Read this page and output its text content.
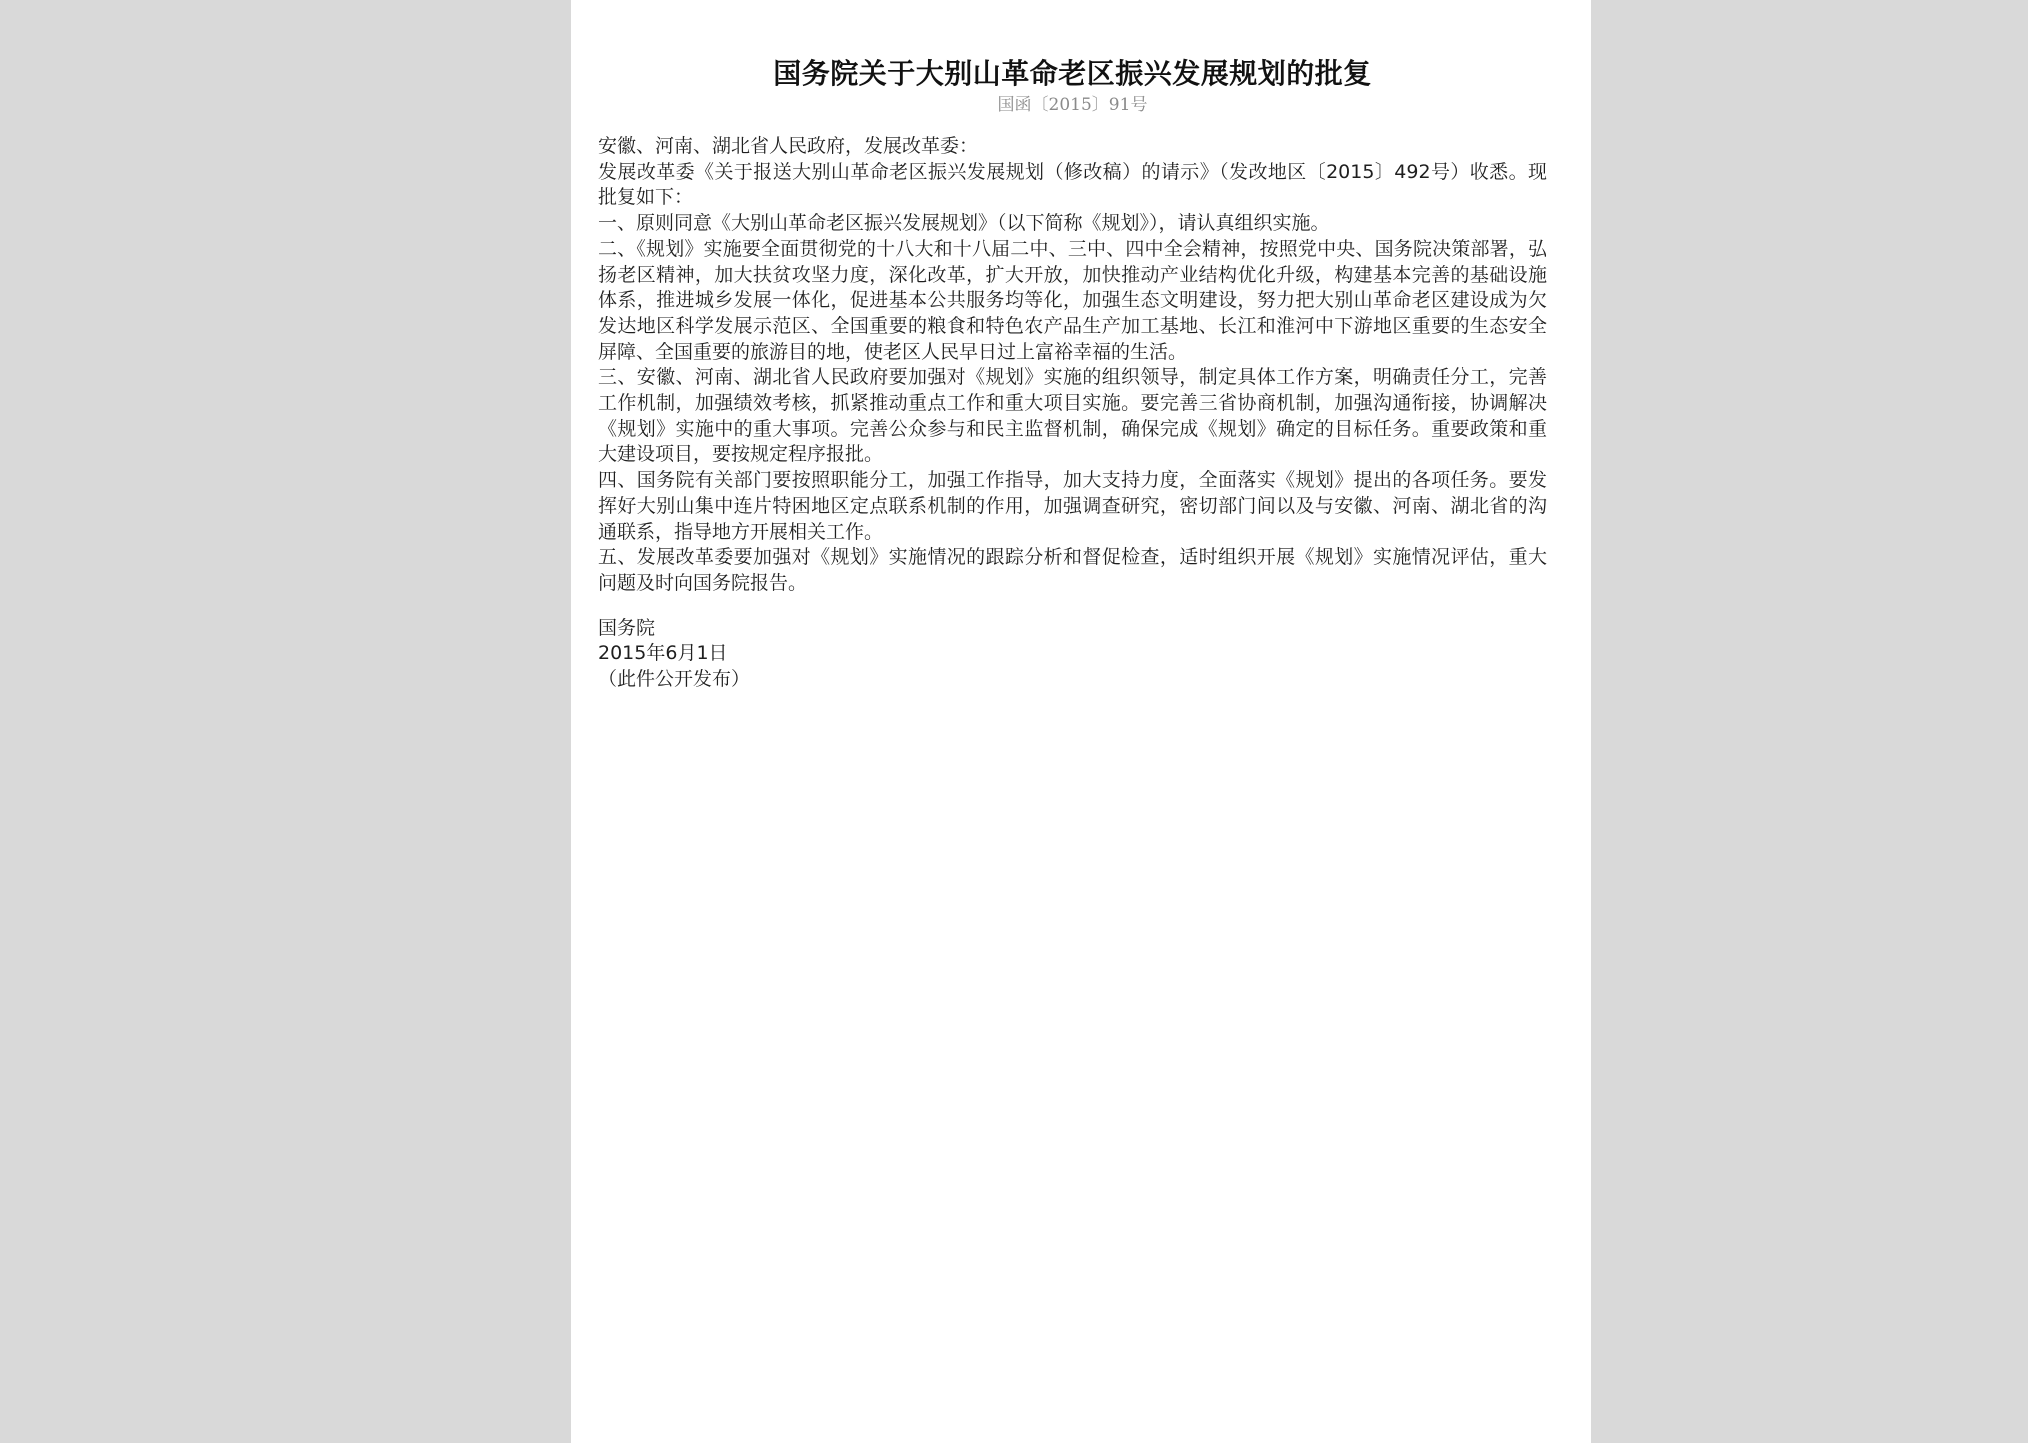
国务院关于大别山革命老区振兴发展规划的批复
国函〔2015〕91号

安徽、河南、湖北省人民政府，发展改革委：

发展改革委《关于报送大别山革命老区振兴发展规划（修改稿）的请示》（发改地区〔2015〕492号）收悉。现批复如下：

一、原则同意《大别山革命老区振兴发展规划》（以下简称《规划》），请认真组织实施。

二、《规划》实施要全面贯彻党的十八大和十八届二中、三中、四中全会精神，按照党中央、国务院决策部署，弘扬老区精神，加大扶贫攻坚力度，深化改革，扩大开放，加快推动产业结构优化升级，构建基本完善的基础设施体系，推进城乡发展一体化，促进基本公共服务均等化，加强生态文明建设，努力把大别山革命老区建设成为欠发达地区科学发展示范区、全国重要的粮食和特色农产品生产加工基地、长江和淮河中下游地区重要的生态安全屏障、全国重要的旅游目的地，使老区人民早日过上富裕幸福的生活。

三、安徽、河南、湖北省人民政府要加强对《规划》实施的组织领导，制定具体工作方案，明确责任分工，完善工作机制，加强绩效考核，抓紧推动重点工作和重大项目实施。要完善三省协商机制，加强沟通衔接，协调解决《规划》实施中的重大事项。完善公众参与和民主监督机制，确保完成《规划》确定的目标任务。重要政策和重大建设项目，要按规定程序报批。

四、国务院有关部门要按照职能分工，加强工作指导，加大支持力度，全面落实《规划》提出的各项任务。要发挥好大别山集中连片特困地区定点联系机制的作用，加强调查研究，密切部门间以及与安徽、河南、湖北省的沟通联系，指导地方开展相关工作。

五、发展改革委要加强对《规划》实施情况的跟踪分析和督促检查，适时组织开展《规划》实施情况评估，重大问题及时向国务院报告。

国务院

2015年6月1日

（此件公开发布）
